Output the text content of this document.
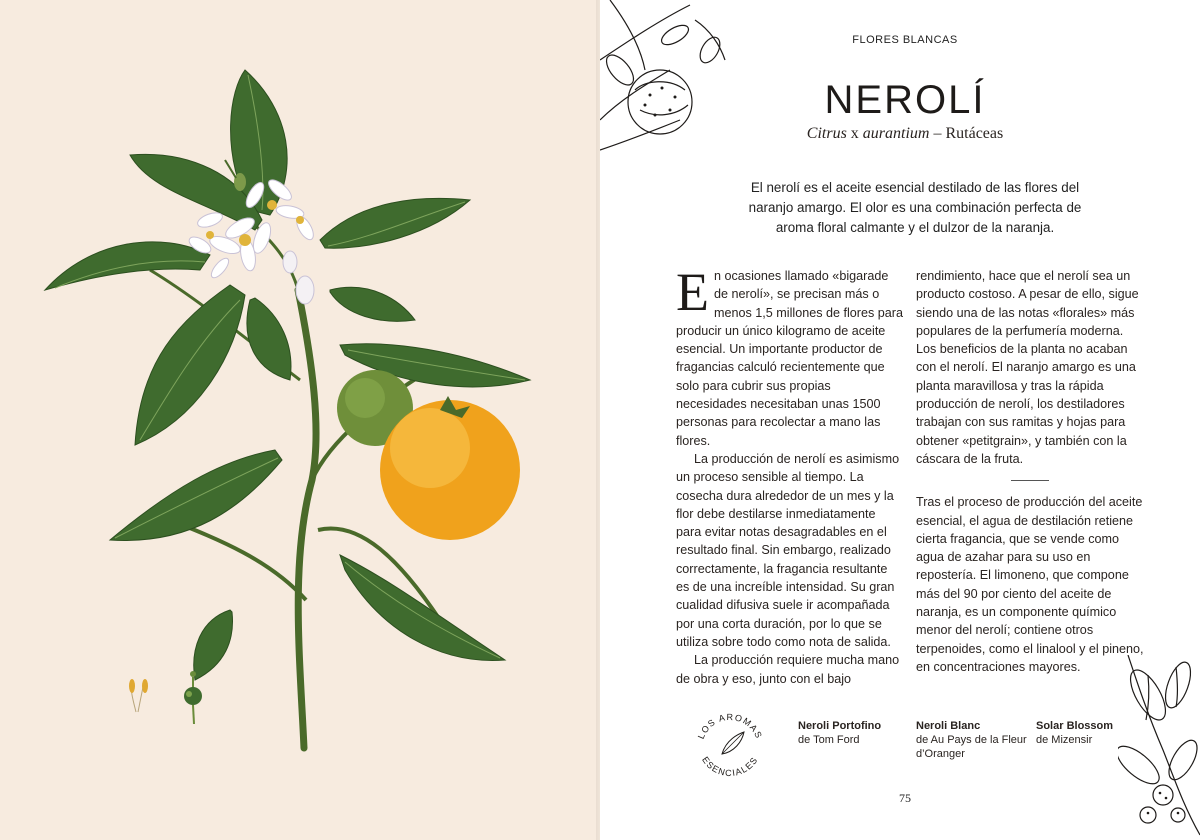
FLORES BLANCAS
NEROLÍ
Citrus x aurantium – Rutáceas
El nerolí es el aceite esencial destilado de las flores del naranjo amargo. El olor es una combinación perfecta de aroma floral calmante y el dulzor de la naranja.

En ocasiones llamado «bigarade de nerolí», se precisan más o menos 1,5 millones de flores para producir un único kilogramo de aceite esencial. Un importante productor de fragancias calculó recientemente que solo para cubrir sus propias necesidades necesitaban unas 1500 personas para recolectar a mano las flores.

La producción de nerolí es asimismo un proceso sensible al tiempo. La cosecha dura alrededor de un mes y la flor debe destilarse inmediatamente para evitar notas desagradables en el resultado final. Sin embargo, realizado correctamente, la fragancia resultante es de una increíble intensidad. Su gran cualidad difusiva suele ir acompañada por una corta duración, por lo que se utiliza sobre todo como nota de salida.

La producción requiere mucha mano de obra y eso, junto con el bajo

rendimiento, hace que el nerolí sea un producto costoso. A pesar de ello, sigue siendo una de las notas «florales» más populares de la perfumería moderna. Los beneficios de la planta no acaban con el nerolí. El naranjo amargo es una planta maravillosa y tras la rápida producción de nerolí, los destiladores trabajan con sus ramitas y hojas para obtener «petitgrain», y también con la cáscara de la fruta.

Tras el proceso de producción del aceite esencial, el agua de destilación retiene cierta fragancia, que se vende como agua de azahar para su uso en repostería. El limoneno, que compone más del 90 por ciento del aceite de naranja, es un componente químico menor del nerolí; contiene otros terpenoides, como el linalool y el pineno, en concentraciones mayores.

LOS AROMAS
ESENCIALES
Neroli Portofino
de Tom Ford
Neroli Blanc
de Au Pays de la Fleur d’Oranger
Solar Blossom
de Mizensir
75
